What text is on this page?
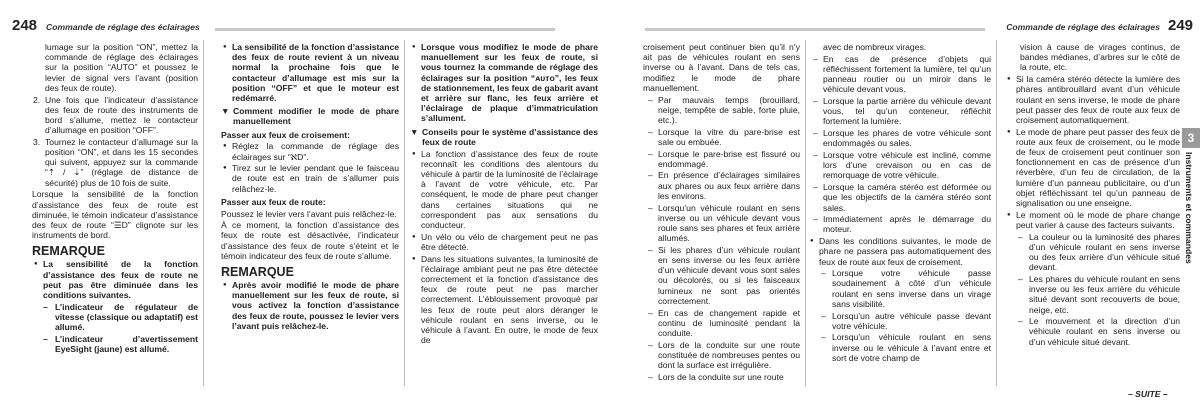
248 Commande de réglage des éclairages	Commande de réglage des éclairages 249
lumage sur la position “ON”, mettez la commande de réglage des éclairages sur la position “AUTO” et poussez le levier de signal vers l’avant (position des feux de route).
2. Une fois que l’indicateur d’assistance des feux de route des instruments de bord s’allume, mettez le contacteur d’allumage en position “OFF”.
3. Tournez le contacteur d’allumage sur la position “ON”, et dans les 15 secondes qui suivent, appuyez sur la commande “⇡ / ⇣” (réglage de distance de sécurité) plus de 10 fois de suite.
Lorsque la sensibilité de la fonction d’assistance des feux de route est diminuée, le témoin indicateur d’assistance des feux de route “☰D” clignote sur les instruments de bord.
REMARQUE
● La sensibilité de la fonction d’assistance des feux de route ne peut pas être diminuée dans les conditions suivantes.
– L’indicateur de régulateur de vitesse (classique ou adaptatif) est allumé.
– L’indicateur d’avertissement EyeSight (jaune) est allumé.
● La sensibilité de la fonction d’assistance des feux de route revient à un niveau normal la prochaine fois que le contacteur d’allumage est mis sur la position “OFF” et que le moteur est redémarré.
▼ Comment modifier le mode de phare manuellement
Passer aux feux de croisement:
● Réglez la commande de réglage des éclairages sur “ℵD”.
● Tirez sur le levier pendant que le faisceau de route est en train de s’allumer puis relâchez-le.
Passer aux feux de route:
Poussez le levier vers l’avant puis relâchez-le.
À ce moment, la fonction d’assistance des feux de route est désactivée, l’indicateur d’assistance des feux de route s’éteint et le témoin indicateur des feux de route s’allume.
REMARQUE
● Après avoir modifié le mode de phare manuellement sur les feux de route, si vous activez la fonction d’assistance des feux de route, poussez le levier vers l’avant puis relâchez-le.
● Lorsque vous modifiez le mode de phare manuellement sur les feux de route, si vous tournez la commande de réglage des éclairages sur la position “ᴀᴜᴛᴏ”, les feux de stationnement, les feux de gabarit avant et arrière sur flanc, les feux arrière et l’éclairage de plaque d’immatriculation s’allument.
▼ Conseils pour le système d’assistance des feux de route
● La fonction d’assistance des feux de route reconnaît les conditions des alentours du véhicule à partir de la luminosité de l’éclairage à l’avant de votre véhicule, etc. Par conséquent, le mode de phare peut changer dans certaines situations qui ne correspondent pas aux sensations du conducteur.
● Un vélo ou vélo de chargement peut ne pas être détecté.
● Dans les situations suivantes, la luminosité de l’éclairage ambiant peut ne pas être détectée correctement et la fonction d’assistance des feux de route peut ne pas marcher correctement. L’éblouissement provoqué par les feux de route peut alors déranger le véhicule roulant en sens inverse, ou le véhicule à l’avant. En outre, le mode de feux de
croisement peut continuer bien qu’il n’y ait pas de véhicules roulant en sens inverse ou à l’avant. Dans de tels cas, modifiez le mode de phare manuellement.
– Par mauvais temps (brouillard, neige, tempête de sable, forte pluie, etc.).
– Lorsque la vitre du pare-brise est sale ou embuée.
– Lorsque le pare-brise est fissuré ou endommagé.
– En présence d’éclairages similaires aux phares ou aux feux arrière dans les environs.
– Lorsqu’un véhicule roulant en sens inverse ou un véhicule devant vous roule sans ses phares et feux arrière allumés.
– Si les phares d’un véhicule roulant en sens inverse ou les feux arrière d’un véhicule devant vous sont sales ou décolorés, ou si les faisceaux lumineux ne sont pas orientés correctement.
– En cas de changement rapide et continu de luminosité pendant la conduite.
– Lors de la conduite sur une route constituée de nombreuses pentes ou dont la surface est irrégulière.
– Lors de la conduite sur une route
avec de nombreux virages.
– En cas de présence d’objets qui réfléchissent fortement la lumière, tel qu’un panneau routier ou un miroir dans le véhicule devant vous.
– Lorsque la partie arrière du véhicule devant vous, tel qu’un conteneur, réfléchit fortement la lumière.
– Lorsque les phares de votre véhicule sont endommagés ou sales.
– Lorsque votre véhicule est incliné, comme lors d’une crevaison ou en cas de remorquage de votre véhicule.
– Lorsque la caméra stéréo est déformée ou que les objectifs de la caméra stéréo sont sales.
– Immédiatement après le démarrage du moteur.
● Dans les conditions suivantes, le mode de phare ne passera pas automatiquement des feux de route aux feux de croisement.
– Lorsque votre véhicule passe soudainement à côté d’un véhicule roulant en sens inverse dans un virage sans visibilité.
– Lorsqu’un autre véhicule passe devant votre véhicule.
– Lorsqu’un véhicule roulant en sens inverse ou le véhicule à l’avant entre et sort de votre champ de
vision à cause de virages continus, de bandes médianes, d’arbres sur le côté de la route, etc.
● Si la caméra stéréo détecte la lumière des phares antibrouillard avant d’un véhicule roulant en sens inverse, le mode de phare peut passer des feux de route aux feux de croisement automatiquement.
● Le mode de phare peut passer des feux de route aux feux de croisement, ou le mode de feux de croisement peut continuer son fonctionnement en cas de présence d’un réverbère, d’un feu de circulation, de la lumière d’un panneau publicitaire, ou d’un objet réfléchissant tel qu’un panneau de signalisation ou une enseigne.
● Le moment où le mode de phare change peut varier à cause des facteurs suivants.
– La couleur ou la luminosité des phares d’un véhicule roulant en sens inverse ou des feux arrière d’un véhicule situé devant.
– Les phares du véhicule roulant en sens inverse ou les feux arrière du véhicule situé devant sont recouverts de boue, neige, etc.
– Le mouvement et la direction d’un véhicule roulant en sens inverse ou d’un véhicule situé devant.
3
Instruments et commandes
– SUITE –
